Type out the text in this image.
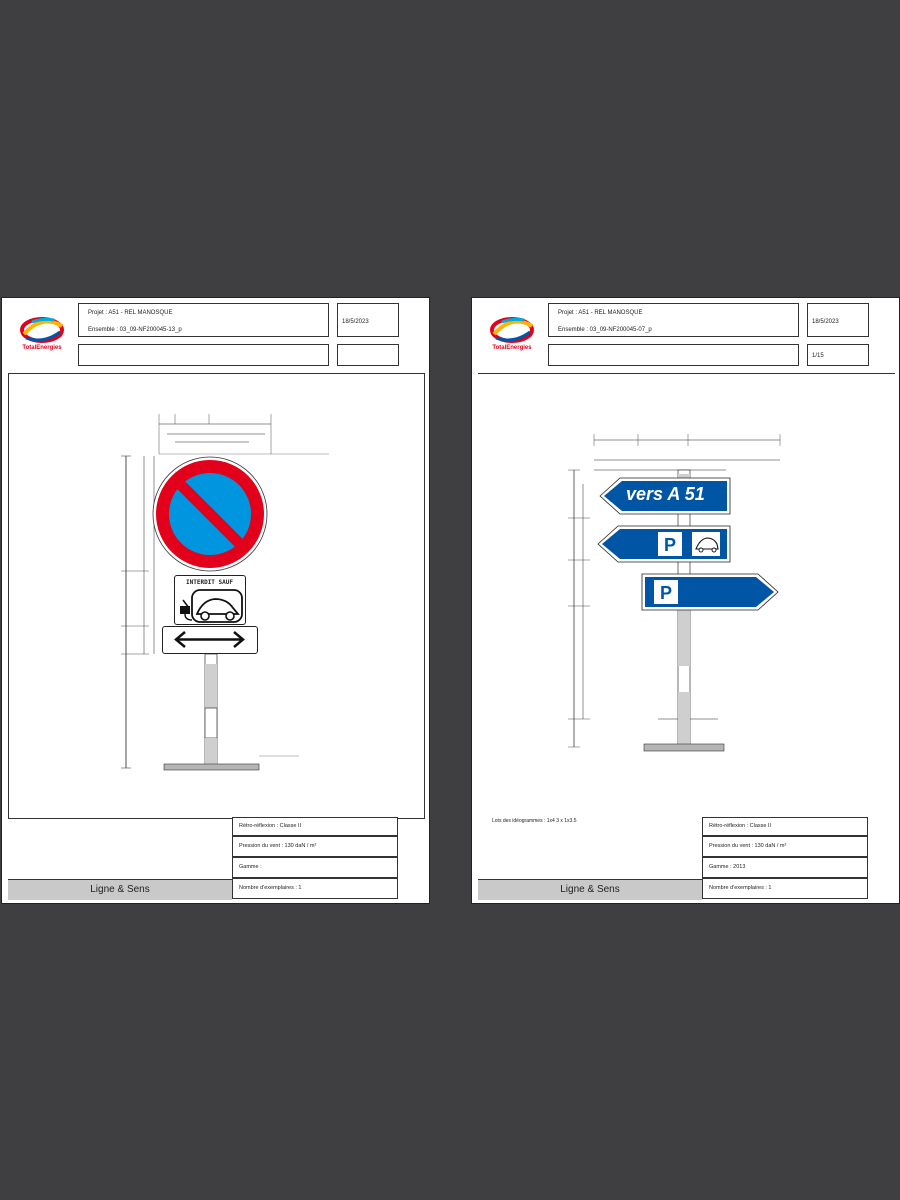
TotalEnergies
Projet : A51 - REL MANOSQUE
Ensemble : 03_09-NF200045-13_p
18/5/2023
INTERDIT SAUF
Rétro-réflexion : Classe II
Pression du vent : 130 daN / m²
Gamme :
Nombre d'exemplaires : 1
Ligne & Sens
TotalEnergies
Projet : A51 - REL MANOSQUE
Ensemble : 03_09-NF200045-07_p
18/5/2023
1/15
vers A 51
P
P
Lots des idéogrammes : 1x4 3 x 1x3.5
Rétro-réflexion : Classe II
Pression du vent : 130 daN / m²
Gamme : 2013
Nombre d'exemplaires : 1
Ligne & Sens
